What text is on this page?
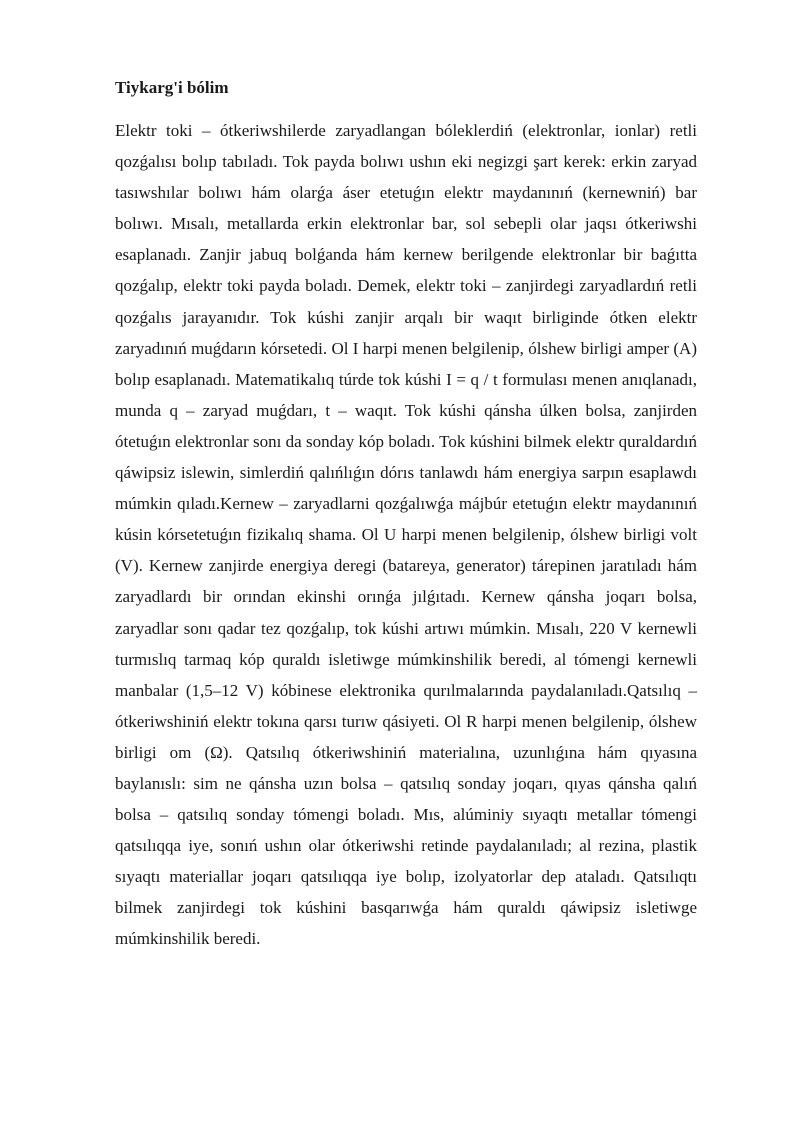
Tiykarg'i bólim

Elektr toki – ótkeriwshilerde zaryadlangan bóleklerdiń (elektronlar, ionlar) retli qozǵalısı bolıp tabıladı. Tok payda bolıwı ushın eki negizgi şart kerek: erkin zaryad tasıwshılar bolıwı hám olarǵa áser etetuǵın elektr maydanınıń (kernewniń) bar bolıwı. Mısalı, metallarda erkin elektronlar bar, sol sebepli olar jaqsı ótkeriwshi esaplanadı. Zanjir jabuq bolǵanda hám kernew berilgende elektronlar bir baǵıtta qozǵalıp, elektr toki payda boladı. Demek, elektr toki – zanjirdegi zaryadlardıń retli qozǵalıs jarayanıdır. Tok kúshi zanjir arqalı bir waqıt birliginde ótken elektr zaryadınıń muǵdarın kórsetedi. Ol I harpi menen belgilenip, ólshew birligi amper (A) bolıp esaplanadı. Matematikalıq túrde tok kúshi I = q / t formulası menen anıqlanadı, munda q – zaryad muǵdarı, t – waqıt. Tok kúshi qánsha úlken bolsa, zanjirden ótetuǵın elektronlar sonı da sonday kóp boladı. Tok kúshini bilmek elektr quraldardıń qáwipsiz islewin, simlerdiń qalıńlıǵın dórıs tanlawdı hám energiya sarpın esaplawdı múmkin qıladı.Kernew – zaryadlarni qozǵalıwǵa májbúr etetuǵın elektr maydanınıń kúsin kórsetetuǵın fizikalıq shama. Ol U harpi menen belgilenip, ólshew birligi volt (V). Kernew zanjirde energiya deregi (batareya, generator) tárepinen jaratıladı hám zaryadlardı bir orından ekinshi orınǵa jılǵıtadı. Kernew qánsha joqarı bolsa, zaryadlar sonı qadar tez qozǵalıp, tok kúshi artıwı múmkin. Mısalı, 220 V kernewli turmıslıq tarmaq kóp quraldı isletiwge múmkinshilik beredi, al tómengi kernewli manbalar (1,5–12 V) kóbinese elektronika qurılmalarında paydalanıladı.Qatsılıq – ótkeriwshiniń elektr tokına qarsı turıw qásiyeti. Ol R harpi menen belgilenip, ólshew birligi om (Ω). Qatsılıq ótkeriwshiniń materialına, uzunlıǵına hám qıyasına baylanıslı: sim ne qánsha uzın bolsa – qatsılıq sonday joqarı, qıyas qánsha qalıń bolsa – qatsılıq sonday tómengi boladı. Mıs, alúminiy sıyaqtı metallar tómengi qatsılıqqa iye, sonıń ushın olar ótkeriwshi retinde paydalanıladı; al rezina, plastik sıyaqtı materiallar joqarı qatsılıqqa iye bolıp, izolyatorlar dep ataladı. Qatsılıqtı bilmek zanjirdegi tok kúshini basqarıwǵa hám quraldı qáwipsiz isletiwge múmkinshilik beredi.
